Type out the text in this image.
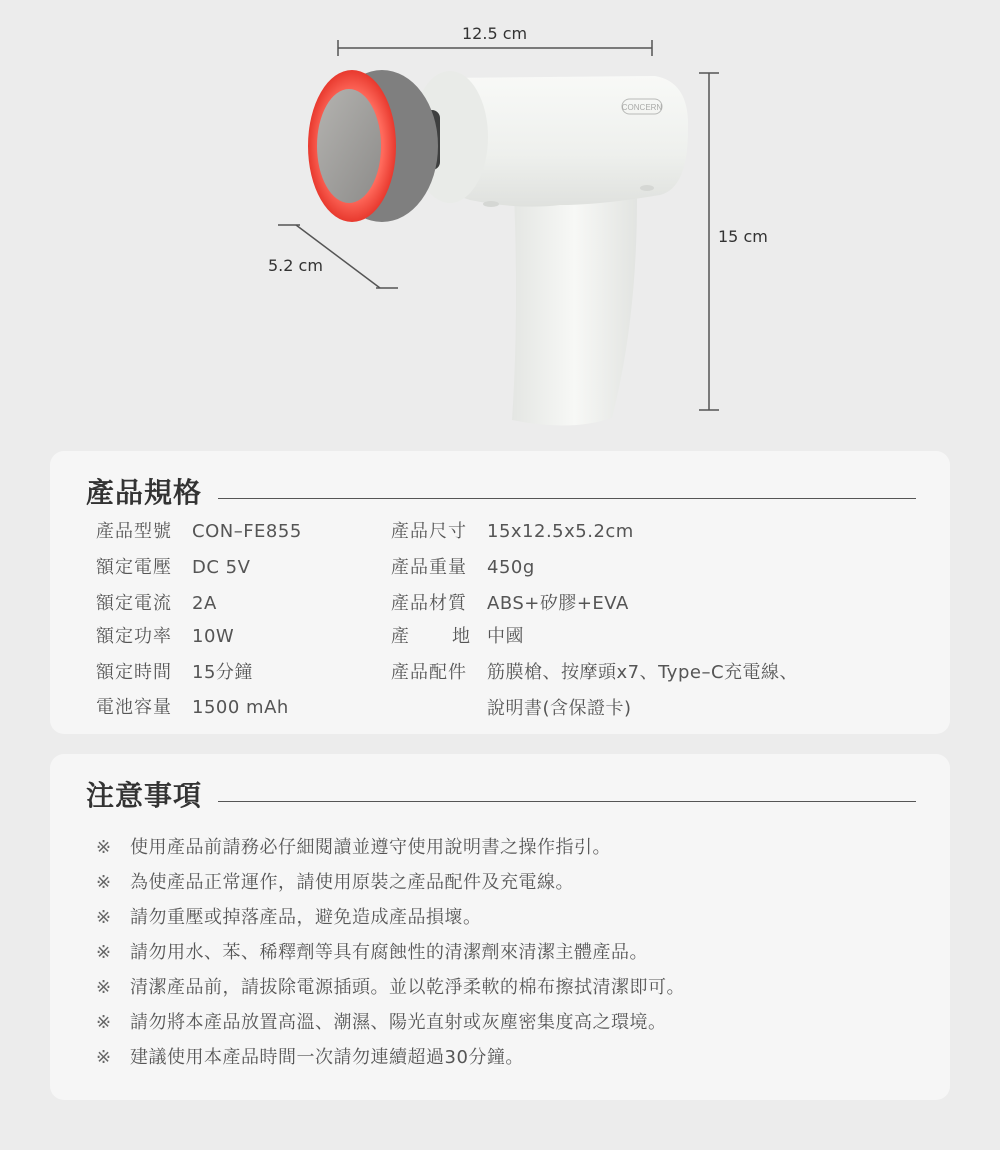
CONCERN
12.5 cm
15 cm
5.2 cm
產品規格
產品型號 CON–FE855
額定電壓 DC 5V
額定電流 2A
額定功率 10W
額定時間 15分鐘
電池容量 1500 mAh
產品尺寸 15x12.5x5.2cm
產品重量 450g
產品材質 ABS+矽膠+EVA
產 地 中國
產品配件 筋膜槍、按摩頭x7、Type–C充電線、
說明書(含保證卡)
注意事項
※ 使用產品前請務必仔細閱讀並遵守使用說明書之操作指引。
※ 為使產品正常運作，請使用原裝之產品配件及充電線。
※ 請勿重壓或掉落產品，避免造成產品損壞。
※ 請勿用水、苯、稀釋劑等具有腐蝕性的清潔劑來清潔主體產品。
※ 清潔產品前，請拔除電源插頭。並以乾淨柔軟的棉布擦拭清潔即可。
※ 請勿將本產品放置高溫、潮濕、陽光直射或灰塵密集度高之環境。
※ 建議使用本產品時間一次請勿連續超過30分鐘。
